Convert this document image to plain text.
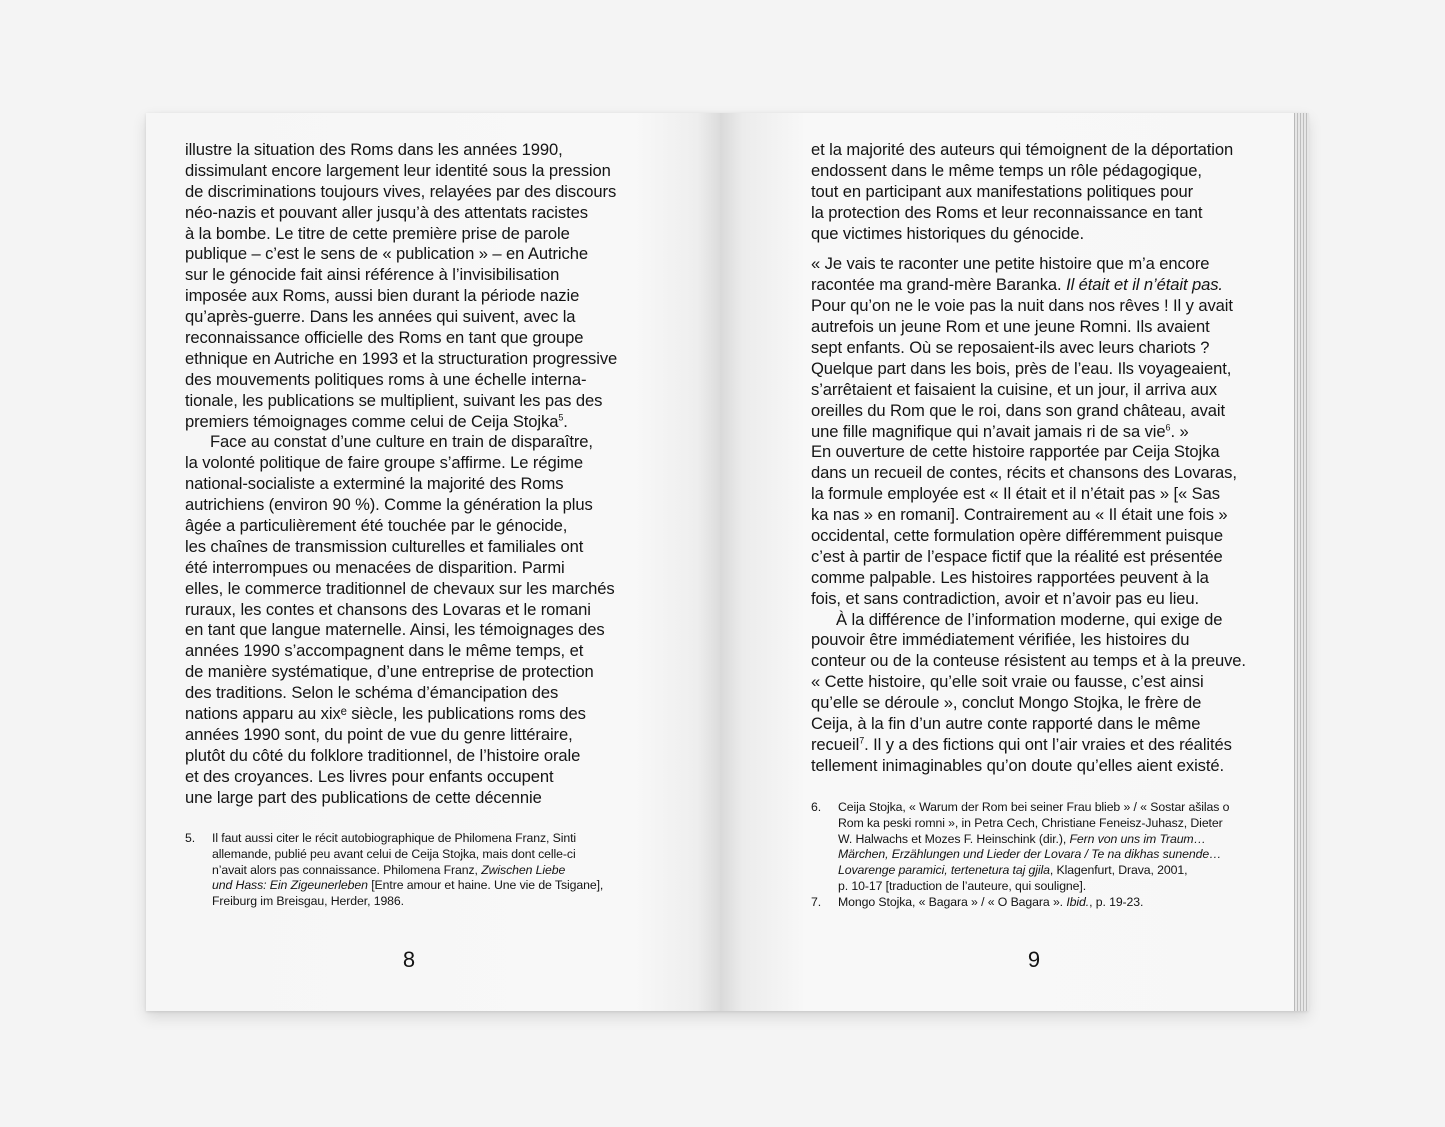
illustre la situation des Roms dans les années 1990,
dissimulant encore largement leur identité sous la pression
de discriminations toujours vives, relayées par des discours
néo-nazis et pouvant aller jusqu’à des attentats racistes
à la bombe. Le titre de cette première prise de parole
publique – c’est le sens de « publication » – en Autriche
sur le génocide fait ainsi référence à l’invisibilisation
imposée aux Roms, aussi bien durant la période nazie
qu’après-guerre. Dans les années qui suivent, avec la
reconnaissance officielle des Roms en tant que groupe
ethnique en Autriche en 1993 et la structuration progressive
des mouvements politiques roms à une échelle interna-
tionale, les publications se multiplient, suivant les pas des
premiers témoignages comme celui de Ceija Stojka$^5$.
Face au constat d’une culture en train de disparaître,
la volonté politique de faire groupe s’affirme. Le régime
national-socialiste a exterminé la majorité des Roms
autrichiens (environ 90 %). Comme la génération la plus
âgée a particulièrement été touchée par le génocide,
les chaînes de transmission culturelles et familiales ont
été interrompues ou menacées de disparition. Parmi
elles, le commerce traditionnel de chevaux sur les marchés
ruraux, les contes et chansons des Lovaras et le romani
en tant que langue maternelle. Ainsi, les témoignages des
années 1990 s’accompagnent dans le même temps, et
de manière systématique, d’une entreprise de protection
des traditions. Selon le schéma d’émancipation des
nations apparu au xixᵉ siècle, les publications roms des
années 1990 sont, du point de vue du genre littéraire,
plutôt du côté du folklore traditionnel, de l’histoire orale
et des croyances. Les livres pour enfants occupent
une large part des publications de cette décennie
5. Il faut aussi citer le récit autobiographique de Philomena Franz, Sinti
allemande, publié peu avant celui de Ceija Stojka, mais dont celle-ci
n’avait alors pas connaissance. Philomena Franz, Zwischen Liebe
und Hass: Ein Zigeunerleben [Entre amour et haine. Une vie de Tsigane],
Freiburg im Breisgau, Herder, 1986.
8
et la majorité des auteurs qui témoignent de la déportation
endossent dans le même temps un rôle pédagogique,
tout en participant aux manifestations politiques pour
la protection des Roms et leur reconnaissance en tant
que victimes historiques du génocide.
« Je vais te raconter une petite histoire que m’a encore
racontée ma grand-mère Baranka. Il était et il n’était pas.
Pour qu’on ne le voie pas la nuit dans nos rêves ! Il y avait
autrefois un jeune Rom et une jeune Romni. Ils avaient
sept enfants. Où se reposaient-ils avec leurs chariots ?
Quelque part dans les bois, près de l’eau. Ils voyageaient,
s’arrêtaient et faisaient la cuisine, et un jour, il arriva aux
oreilles du Rom que le roi, dans son grand château, avait
une fille magnifique qui n’avait jamais ri de sa vie$^6$. »
En ouverture de cette histoire rapportée par Ceija Stojka
dans un recueil de contes, récits et chansons des Lovaras,
la formule employée est « Il était et il n’était pas » [« Sas
ka nas » en romani]. Contrairement au « Il était une fois »
occidental, cette formulation opère différemment puisque
c’est à partir de l’espace fictif que la réalité est présentée
comme palpable. Les histoires rapportées peuvent à la
fois, et sans contradiction, avoir et n’avoir pas eu lieu.
À la différence de l’information moderne, qui exige de
pouvoir être immédiatement vérifiée, les histoires du
conteur ou de la conteuse résistent au temps et à la preuve.
« Cette histoire, qu’elle soit vraie ou fausse, c’est ainsi
qu’elle se déroule », conclut Mongo Stojka, le frère de
Ceija, à la fin d’un autre conte rapporté dans le même
recueil$^7$. Il y a des fictions qui ont l’air vraies et des réalités
tellement inimaginables qu’on doute qu’elles aient existé.
6. Ceija Stojka, « Warum der Rom bei seiner Frau blieb » / « Sostar ašilas o
Rom ka peski romni », in Petra Cech, Christiane Feneisz-Juhasz, Dieter
W. Halwachs et Mozes F. Heinschink (dir.), Fern von uns im Traum…
Märchen, Erzählungen und Lieder der Lovara / Te na dikhas sunende…
Lovarenge paramici, tertenetura taj gjila, Klagenfurt, Drava, 2001,
p. 10-17 [traduction de l’auteure, qui souligne].
7. Mongo Stojka, « Bagara » / « O Bagara ». Ibid., p. 19-23.
9
